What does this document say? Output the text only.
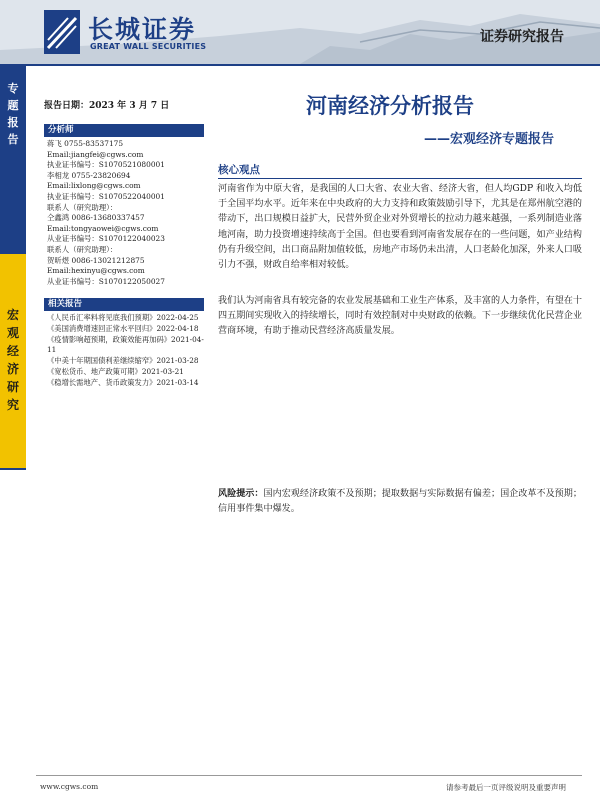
长城证券
GREAT WALL SECURITIES
证券研究报告
专
题
报
告
宏
观
经
济
研
究
报告日期：2023 年 3 月 7 日
分析师
蒋飞 0755-83537175
Email:jiangfei@cgws.com
执业证书编号：S1070521080001
李相龙 0755-23820694
Email:lixlong@cgws.com
执业证书编号：S1070522040001
联系人（研究助理）：
仝鑫鸿 0086-13680337457
Email:tongyaowei@cgws.com
从业证书编号：S1070122040023
联系人（研究助理）：
贺昕煜 0086-13021212875
Email:hexinyu@cgws.com
从业证书编号：S1070122050027
相关报告
《人民币汇率料将见底我们预期》2022-04-25
《美国消费增速回正常水平回归》2022-04-18
《疫情影响超预期，政策效能再加码》2021-04-11
《中美十年期国债利差继续缩窄》2021-03-28
《宽松货币、地产政策可期》2021-03-21
《稳增长需地产、货币政策发力》2021-03-14
河南经济分析报告
——宏观经济专题报告
核心观点
河南省作为中原大省，是我国的人口大省、农业大省、经济大省，但人均GDP 和收入均低于全国平均水平。近年来在中央政府的大力支持和政策鼓励引导下，尤其是在郑州航空港的带动下，出口规模日益扩大，民营外贸企业对外贸增长的拉动力越来越强，一系列制造业落地河南，助力投资增速持续高于全国。但也要看到河南省发展存在的一些问题，如产业结构仍有升级空间，出口商品附加值较低，房地产市场仍未出清，人口老龄化加深，外来人口吸引力不强，财政自给率相对较低。
我们认为河南省具有较完备的农业发展基础和工业生产体系，及丰富的人力条件，有望在十四五期间实现收入的持续增长，同时有效控制对中央财政的依赖。下一步继续优化民营企业营商环境，有助于推动民营经济高质量发展。
风险提示：国内宏观经济政策不及预期；提取数据与实际数据有偏差；国企改革不及预期；信用事件集中爆发。
www.cgws.com	请参考最后一页评级说明及重要声明
